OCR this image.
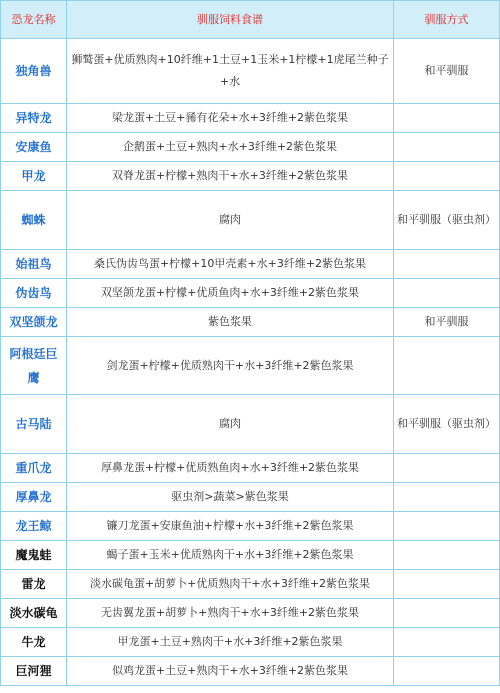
恐龙名称	驯服饲料食谱	驯服方式
独角兽	狮鹫蛋+优质熟肉+10纤维+1土豆+1玉米+1柠檬+1虎尾兰种子+水	和平驯服
异特龙	梁龙蛋+土豆+豨有花朵+水+3纤维+2紫色浆果	
安康鱼	企鹅蛋+土豆+熟肉+水+3纤维+2紫色浆果	
甲龙	双脊龙蛋+柠檬+熟肉干+水+3纤维+2紫色浆果	
蜘蛛	腐肉	和平驯服（驱虫剂）
始祖鸟	桑氏伪齿鸟蛋+柠檬+10甲壳素+水+3纤维+2紫色浆果	
伪齿鸟	双坚颌龙蛋+柠檬+优质鱼肉+水+3纤维+2紫色浆果	
双坚颌龙	紫色浆果	和平驯服
阿根廷巨鹰	剑龙蛋+柠檬+优质熟肉干+水+3纤维+2紫色浆果	
古马陆	腐肉	和平驯服（驱虫剂）
重爪龙	厚鼻龙蛋+柠檬+优质熟鱼肉+水+3纤维+2紫色浆果	
厚鼻龙	驱虫剂>蔬菜>紫色浆果	
龙王鲸	镰刀龙蛋+安康鱼油+柠檬+水+3纤维+2紫色浆果	
魔鬼蛙	蝎子蛋+玉米+优质熟肉干+水+3纤维+2紫色浆果	
雷龙	淡水碳龟蛋+胡萝卜+优质熟肉干+水+3纤维+2紫色浆果	
淡水碳龟	无齿翼龙蛋+胡萝卜+熟肉干+水+3纤维+2紫色浆果	
牛龙	甲龙蛋+土豆+熟肉干+水+3纤维+2紫色浆果	
巨河狸	似鸡龙蛋+土豆+熟肉干+水+3纤维+2紫色浆果	
